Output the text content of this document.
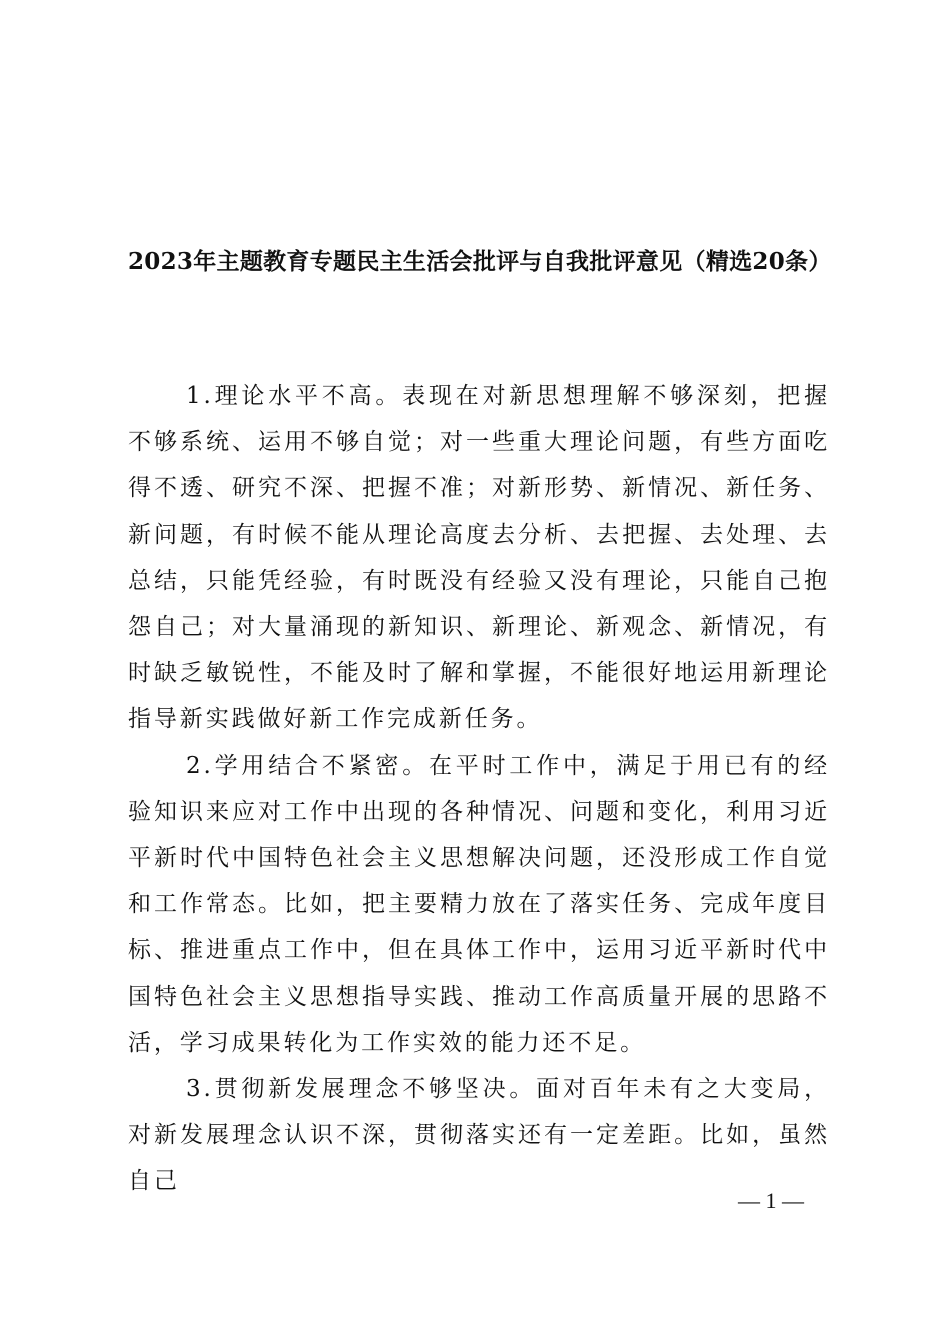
2023年主题教育专题民主生活会批评与自我批评意见（精选20条）

1.理论水平不高。表现在对新思想理解不够深刻，把握不够系统、运用不够自觉；对一些重大理论问题，有些方面吃得不透、研究不深、把握不准；对新形势、新情况、新任务、新问题，有时候不能从理论高度去分析、去把握、去处理、去总结，只能凭经验，有时既没有经验又没有理论，只能自己抱怨自己；对大量涌现的新知识、新理论、新观念、新情况，有时缺乏敏锐性，不能及时了解和掌握，不能很好地运用新理论指导新实践做好新工作完成新任务。

2.学用结合不紧密。在平时工作中，满足于用已有的经验知识来应对工作中出现的各种情况、问题和变化，利用习近平新时代中国特色社会主义思想解决问题，还没形成工作自觉和工作常态。比如，把主要精力放在了落实任务、完成年度目标、推进重点工作中，但在具体工作中，运用习近平新时代中国特色社会主义思想指导实践、推动工作高质量开展的思路不活，学习成果转化为工作实效的能力还不足。

3.贯彻新发展理念不够坚决。面对百年未有之大变局，对新发展理念认识不深，贯彻落实还有一定差距。比如，虽然自己

— 1 —
